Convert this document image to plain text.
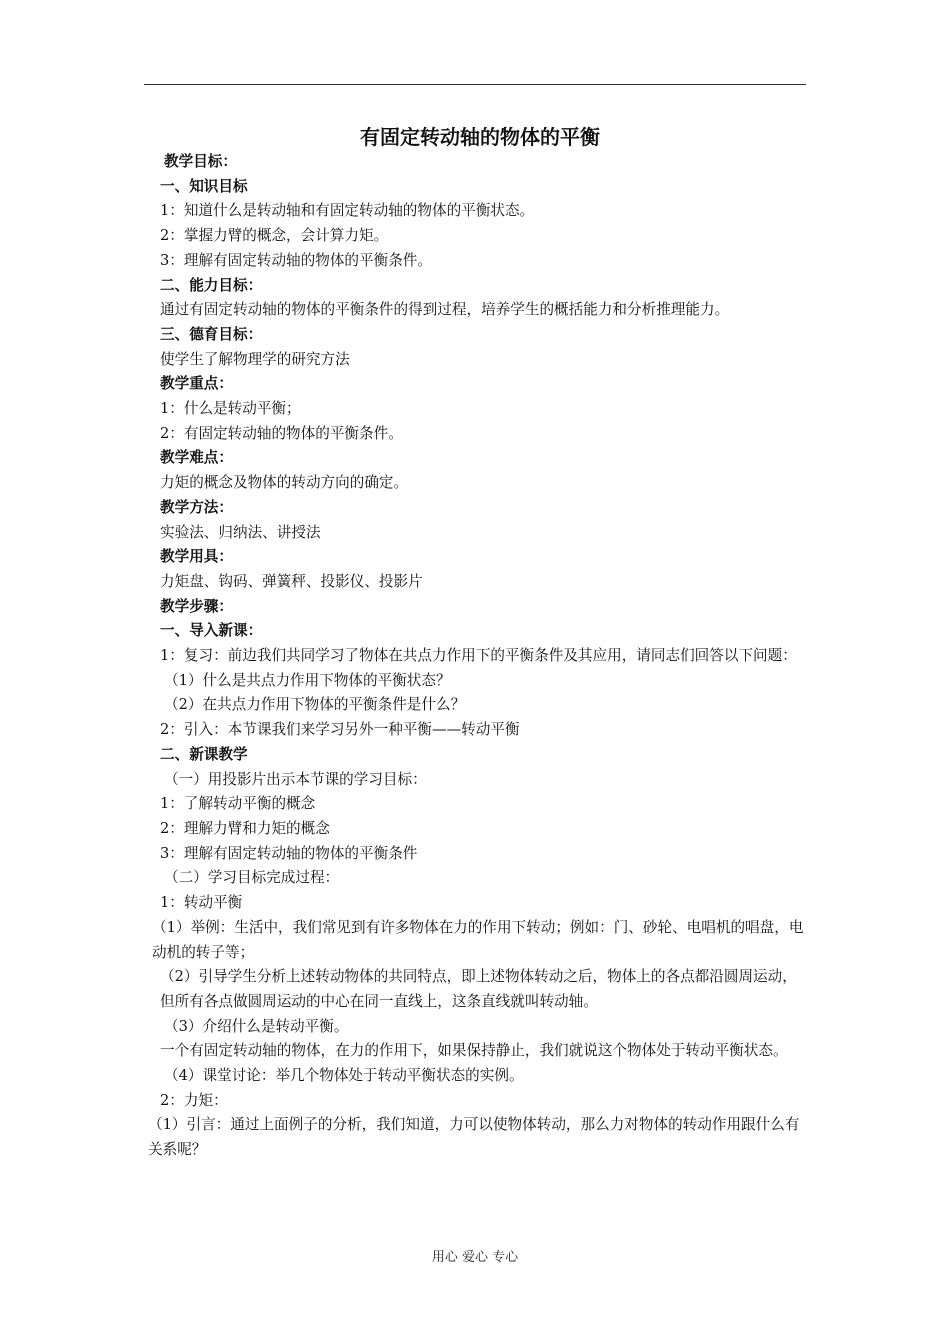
有固定转动轴的物体的平衡

教学目标：

一、知识目标

1：知道什么是转动轴和有固定转动轴的物体的平衡状态。

2：掌握力臂的概念，会计算力矩。

3：理解有固定转动轴的物体的平衡条件。

二、能力目标：

通过有固定转动轴的物体的平衡条件的得到过程，培养学生的概括能力和分析推理能力。

三、德育目标：

使学生了解物理学的研究方法

教学重点：

1：什么是转动平衡；

2：有固定转动轴的物体的平衡条件。

教学难点：

力矩的概念及物体的转动方向的确定。

教学方法：

实验法、归纳法、讲授法

教学用具：

力矩盘、钩码、弹簧秤、投影仪、投影片

教学步骤：

一、导入新课：

1：复习：前边我们共同学习了物体在共点力作用下的平衡条件及其应用，请同志们回答以下问题：

（1）什么是共点力作用下物体的平衡状态？

（2）在共点力作用下物体的平衡条件是什么？

2：引入：本节课我们来学习另外一种平衡——转动平衡

二、新课教学

（一）用投影片出示本节课的学习目标：

1：了解转动平衡的概念

2：理解力臂和力矩的概念

3：理解有固定转动轴的物体的平衡条件

（二）学习目标完成过程：

1：转动平衡

（1）举例：生活中，我们常见到有许多物体在力的作用下转动；例如：门、砂轮、电唱机的唱盘，电动机的转子等；

（2）引导学生分析上述转动物体的共同特点，即上述物体转动之后，物体上的各点都沿圆周运动，但所有各点做圆周运动的中心在同一直线上，这条直线就叫转动轴。

（3）介绍什么是转动平衡。

一个有固定转动轴的物体，在力的作用下，如果保持静止，我们就说这个物体处于转动平衡状态。

（4）课堂讨论：举几个物体处于转动平衡状态的实例。

2：力矩：

（1）引言：通过上面例子的分析，我们知道，力可以使物体转动，那么力对物体的转动作用跟什么有关系呢？

用心 爱心 专心
